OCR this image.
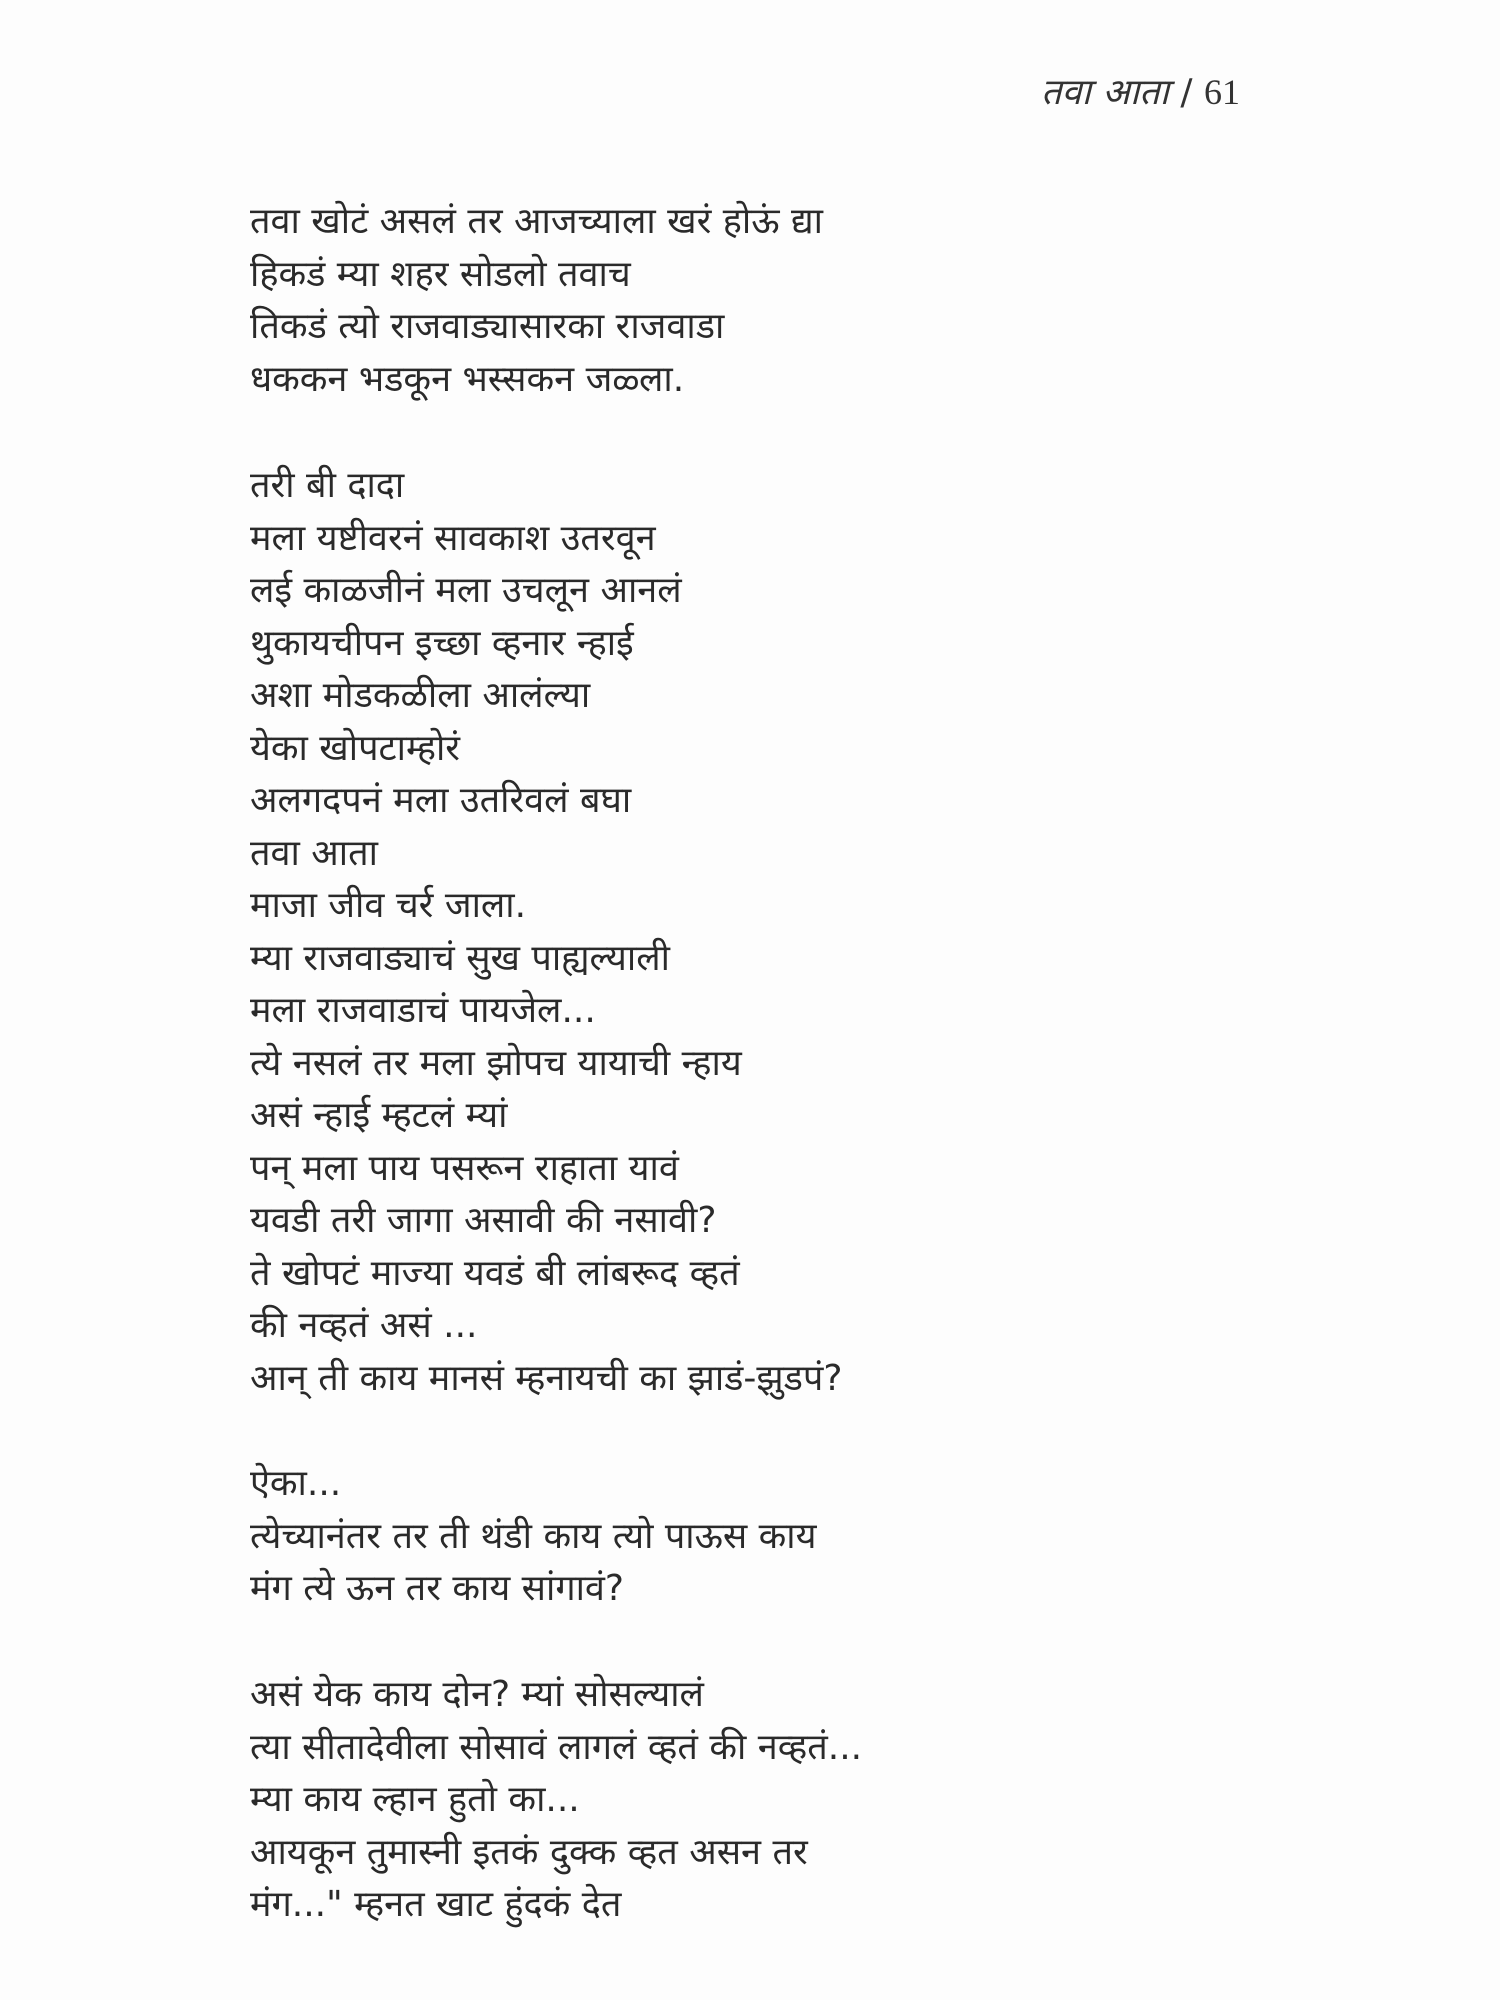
तवा आता / 61
तवा खोटं असलं तर आजच्याला खरं होऊं द्या
हिकडं म्या शहर सोडलो तवाच
तिकडं त्यो राजवाड्यासारका राजवाडा
धककन भडकून भस्सकन जळ्ला.
तरी बी दादा
मला यष्टीवरनं सावकाश उतरवून
लई काळजीनं मला उचलून आनलं
थुकायचीपन इच्छा व्हनार न्हाई
अशा मोडकळीला आलंल्या
येका खोपटाम्होरं
अलगदपनं मला उतरिवलं बघा
तवा आता
माजा जीव चर्र जाला.
म्या राजवाड्याचं सुख पाह्यल्याली
मला राजवाडाचं पायजेल...
त्ये नसलं तर मला झोपच यायाची न्हाय
असं न्हाई म्हटलं म्यां
पन् मला पाय पसरून राहाता यावं
यवडी तरी जागा असावी की नसावी?
ते खोपटं माज्या यवडं बी लांबरूद व्हतं
की नव्हतं असं ...
आन् ती काय मानसं म्हनायची का झाडं-झुडपं?
ऐका...
त्येच्यानंतर तर ती थंडी काय त्यो पाऊस काय
मंग त्ये ऊन तर काय सांगावं?
असं येक काय दोन? म्यां सोसल्यालं
त्या सीतादेवीला सोसावं लागलं व्हतं की नव्हतं...
म्या काय ल्हान हुतो का...
आयकून तुमास्नी इतकं दुक्क व्हत असन तर
मंग..." म्हनत खाट हुंदकं देत
